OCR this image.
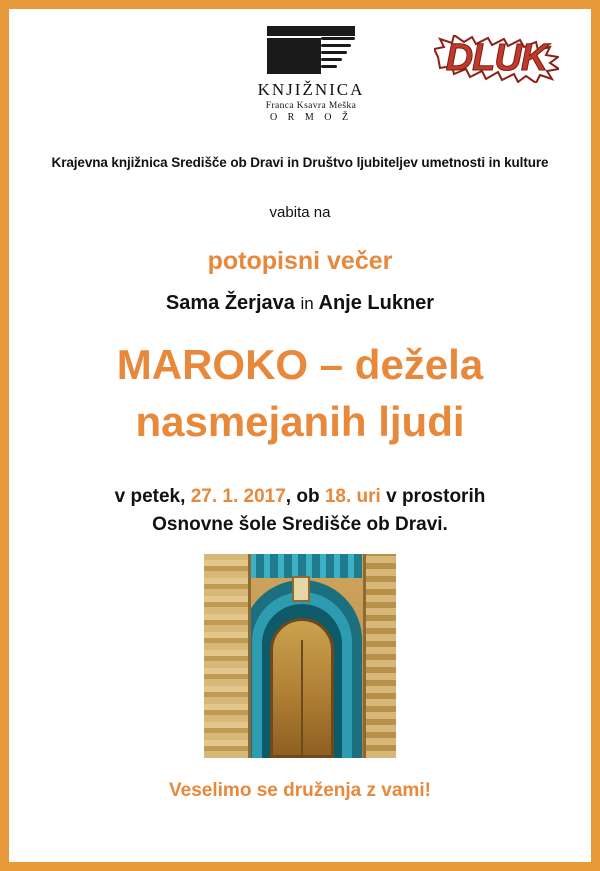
KNJIŽNICA
Franca Ksavra Meška
O R M O Ž
DLUK
Krajevna knjižnica Središče ob Dravi in Društvo ljubiteljev umetnosti in kulture
vabita na
potopisni večer
Sama Žerjava in Anje Lukner
MAROKO – dežela
nasmejanih ljudi
v petek, 27. 1. 2017, ob 18. uri v prostorih
Osnovne šole Središče ob Dravi.
Veselimo se druženja z vami!
